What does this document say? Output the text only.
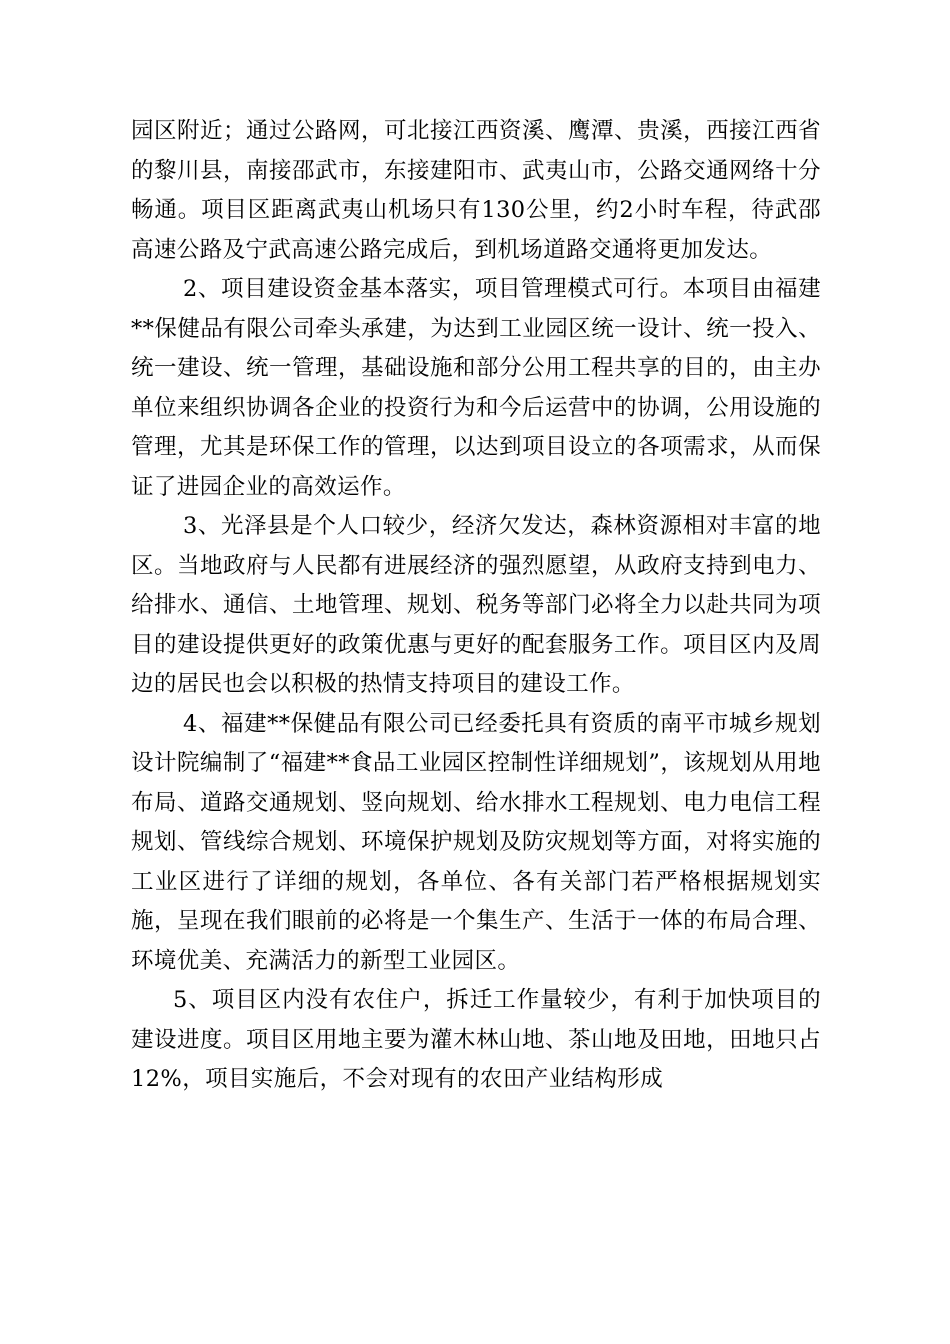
园区附近；通过公路网，可北接江西资溪、鹰潭、贵溪，西接江西省的黎川县，南接邵武市，东接建阳市、武夷山市，公路交通网络十分畅通。项目区距离武夷山机场只有130公里，约2小时车程，待武邵高速公路及宁武高速公路完成后，到机场道路交通将更加发达。

2、项目建设资金基本落实，项目管理模式可行。本项目由福建**保健品有限公司牵头承建，为达到工业园区统一设计、统一投入、统一建设、统一管理，基础设施和部分公用工程共享的目的，由主办单位来组织协调各企业的投资行为和今后运营中的协调，公用设施的管理，尤其是环保工作的管理，以达到项目设立的各项需求，从而保证了进园企业的高效运作。

3、光泽县是个人口较少，经济欠发达，森林资源相对丰富的地区。当地政府与人民都有进展经济的强烈愿望，从政府支持到电力、给排水、通信、土地管理、规划、税务等部门必将全力以赴共同为项目的建设提供更好的政策优惠与更好的配套服务工作。项目区内及周边的居民也会以积极的热情支持项目的建设工作。

4、福建**保健品有限公司已经委托具有资质的南平市城乡规划设计院编制了“福建**食品工业园区控制性详细规划”，该规划从用地布局、道路交通规划、竖向规划、给水排水工程规划、电力电信工程规划、管线综合规划、环境保护规划及防灾规划等方面，对将实施的工业区进行了详细的规划，各单位、各有关部门若严格根据规划实施，呈现在我们眼前的必将是一个集生产、生活于一体的布局合理、环境优美、充满活力的新型工业园区。

5、项目区内没有农住户，拆迁工作量较少，有利于加快项目的建设进度。项目区用地主要为灌木林山地、茶山地及田地，田地只占12%，项目实施后，不会对现有的农田产业结构形成
